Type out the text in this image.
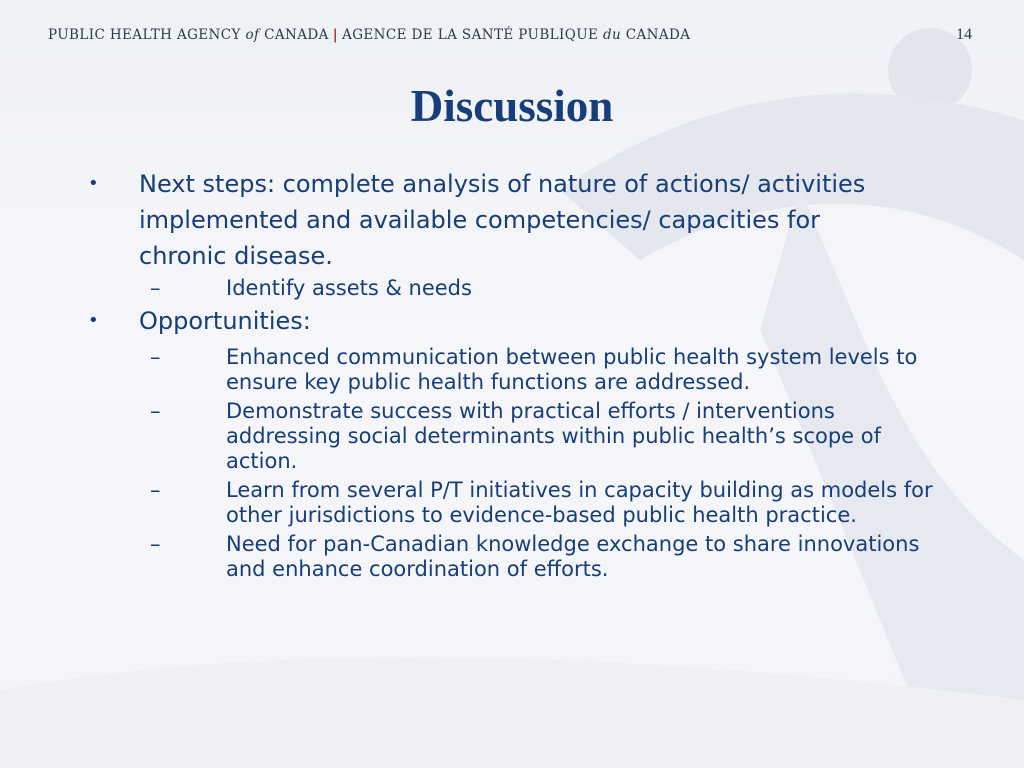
PUBLIC HEALTH AGENCY of CANADA | AGENCE DE LA SANTÉ PUBLIQUE du CANADA	14
Discussion
• Next steps: complete analysis of nature of actions/ activities implemented and available competencies/ capacities for chronic disease.
–	Identify assets & needs
• Opportunities:
–	Enhanced communication between public health system levels to ensure key public health functions are addressed.
–	Demonstrate success with practical efforts / interventions addressing social determinants within public health’s scope of action.
–	Learn from several P/T initiatives in capacity building as models for other jurisdictions to evidence-based public health practice.
–	Need for pan-Canadian knowledge exchange to share innovations and enhance coordination of efforts.
